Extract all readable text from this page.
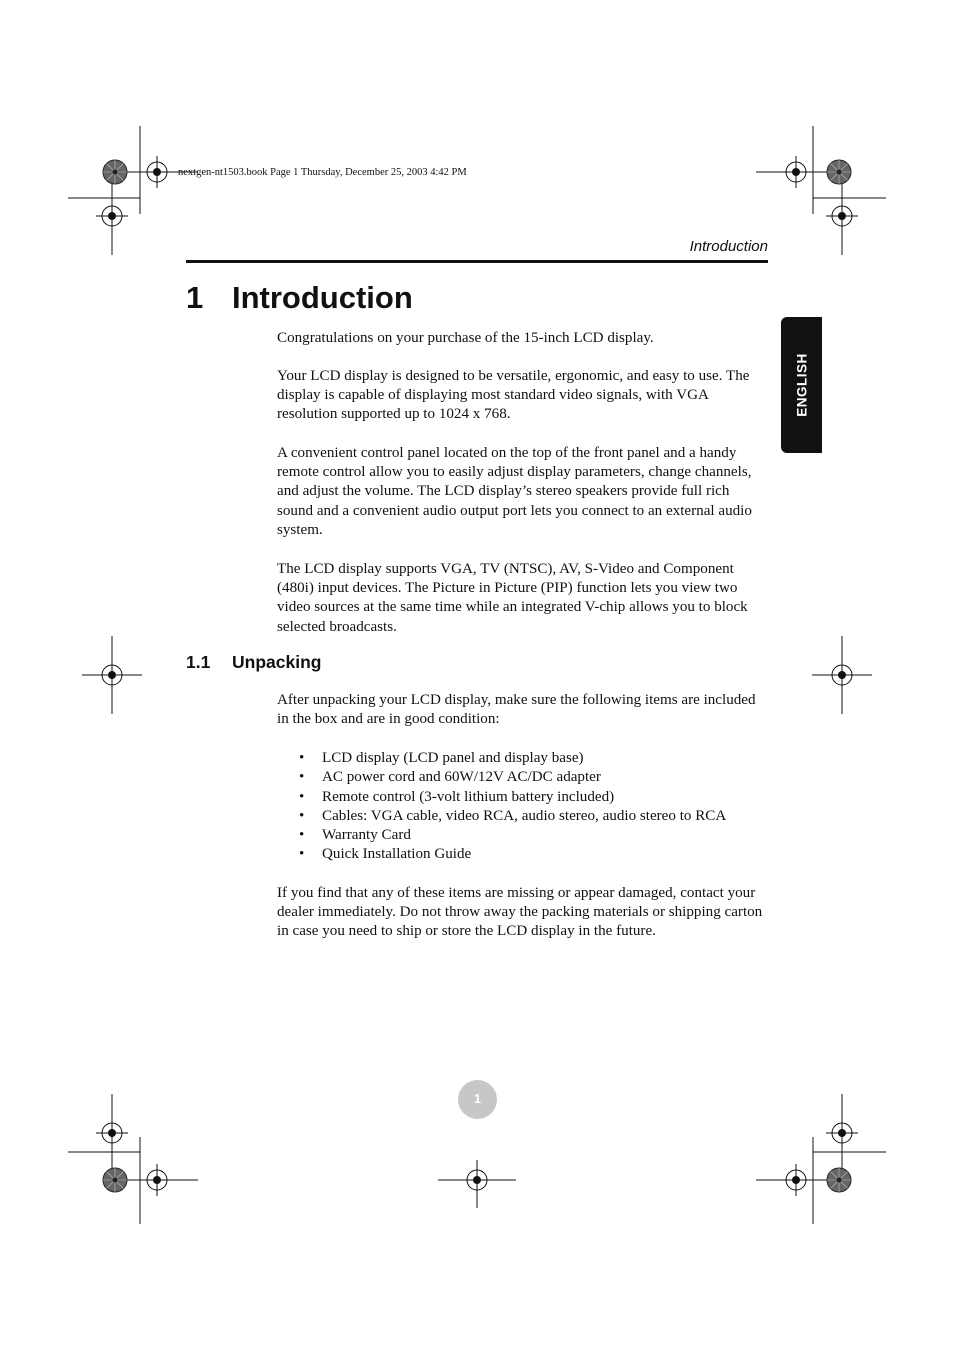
nextgen-nt1503.book Page 1 Thursday, December 25, 2003 4:42 PM
Introduction
1 Introduction

Congratulations on your purchase of the 15-inch LCD display.

Your LCD display is designed to be versatile, ergonomic, and easy to use. The display is capable of displaying most standard video signals, with VGA resolution supported up to 1024 x 768.

A convenient control panel located on the top of the front panel and a handy remote control allow you to easily adjust display parameters, change channels, and adjust the volume. The LCD display’s stereo speakers provide full rich sound and a convenient audio output port lets you connect to an external audio system.

The LCD display supports VGA, TV (NTSC), AV, S-Video and Component (480i) input devices. The Picture in Picture (PIP) function lets you view two video sources at the same time while an integrated V-chip allows you to block selected broadcasts.

1.1 Unpacking

After unpacking your LCD display, make sure the following items are included in the box and are in good condition:

• LCD display (LCD panel and display base)
• AC power cord and 60W/12V AC/DC adapter
• Remote control (3-volt lithium battery included)
• Cables: VGA cable, video RCA, audio stereo, audio stereo to RCA
• Warranty Card
• Quick Installation Guide

If you find that any of these items are missing or appear damaged, contact your dealer immediately. Do not throw away the packing materials or shipping carton in case you need to ship or store the LCD display in the future.

ENGLISH
1
